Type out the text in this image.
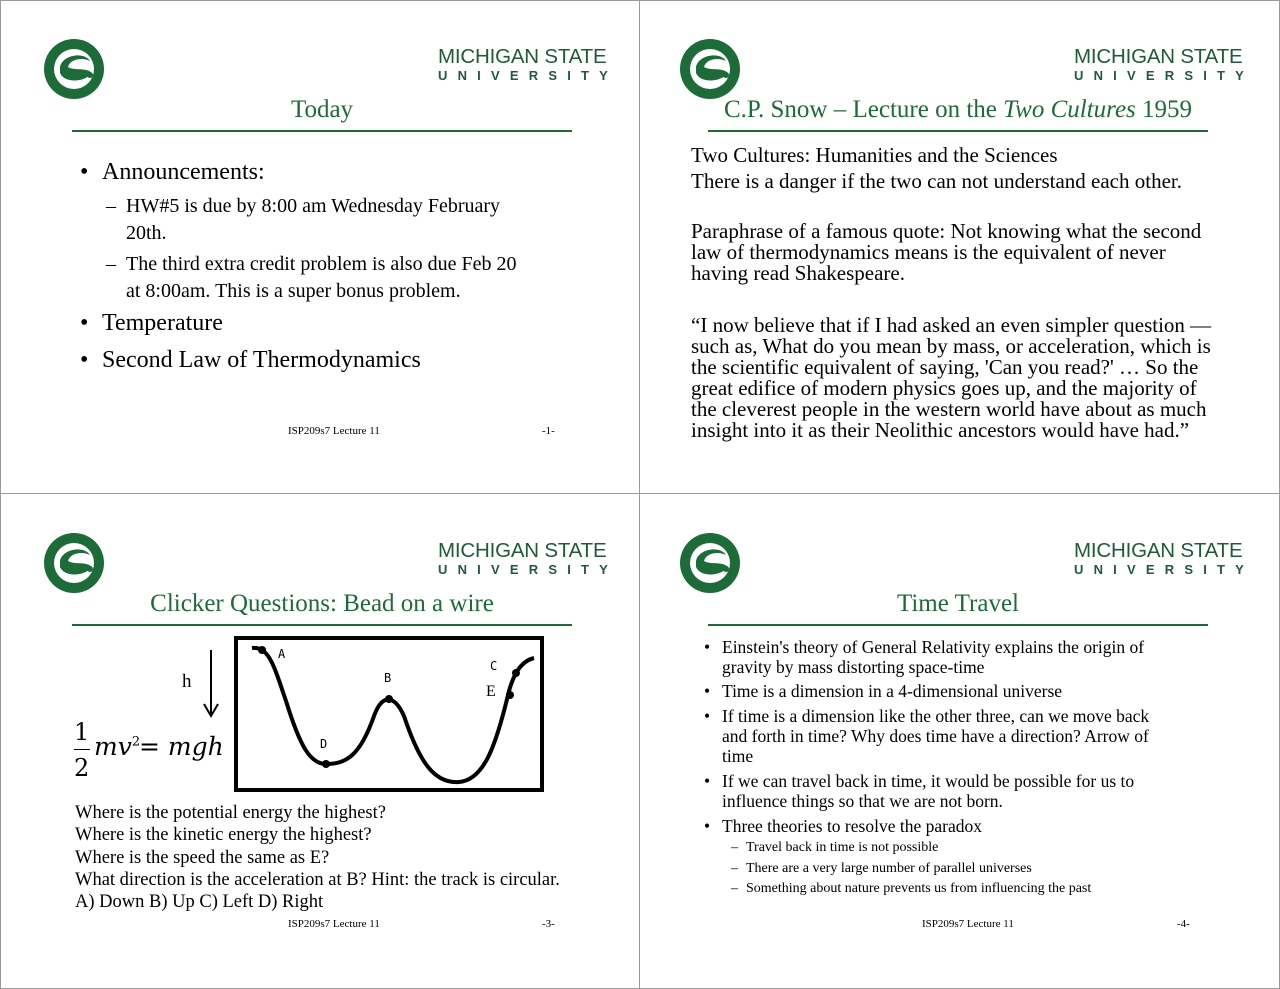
MICHIGAN STATE
UNIVERSITY
Today
• Announcements:
– HW#5 is due by 8:00 am Wednesday February
20th.
– The third extra credit problem is also due Feb 20
at 8:00am. This is a super bonus problem.
• Temperature
• Second Law of Thermodynamics
ISP209s7 Lecture 11	-1-
MICHIGAN STATE
UNIVERSITY
C.P. Snow – Lecture on the Two Cultures 1959
Two Cultures: Humanities and the Sciences
There is a danger if the two can not understand each other.
Paraphrase of a famous quote: Not knowing what the second
law of thermodynamics means is the equivalent of never
having read Shakespeare.
“I now believe that if I had asked an even simpler question —
such as, What do you mean by mass, or acceleration, which is
the scientific equivalent of saying, 'Can you read?' … So the
great edifice of modern physics goes up, and the majority of
the cleverest people in the western world have about as much
insight into it as their Neolithic ancestors would have had.”
MICHIGAN STATE
UNIVERSITY
Clicker Questions: Bead on a wire
h
1
2
$mv^2$
= mgh
A
B
C
D
E
Where is the potential energy the highest?
Where is the kinetic energy the highest?
Where is the speed the same as E?
What direction is the acceleration at B? Hint: the track is circular.
A) Down B) Up C) Left D) Right
ISP209s7 Lecture 11	-3-
MICHIGAN STATE
UNIVERSITY
Time Travel
• Einstein's theory of General Relativity explains the origin of
gravity by mass distorting space-time
• Time is a dimension in a 4-dimensional universe
• If time is a dimension like the other three, can we move back
and forth in time? Why does time have a direction? Arrow of
time
• If we can travel back in time, it would be possible for us to
influence things so that we are not born.
• Three theories to resolve the paradox
– Travel back in time is not possible
– There are a very large number of parallel universes
– Something about nature prevents us from influencing the past
ISP209s7 Lecture 11	-4-
